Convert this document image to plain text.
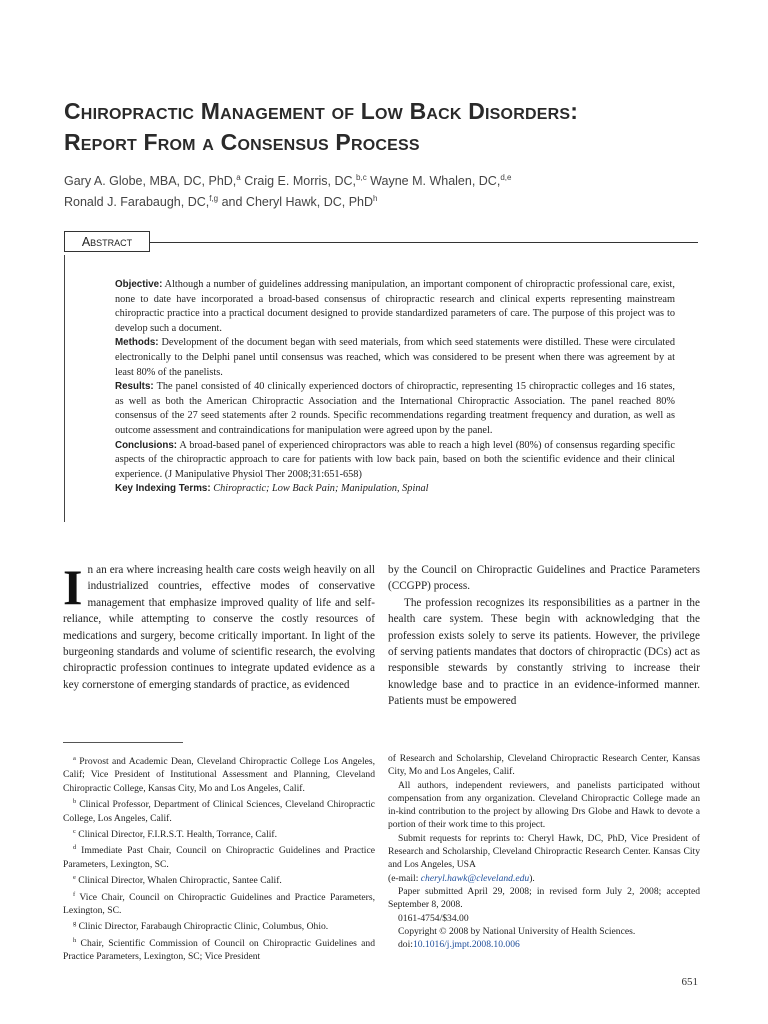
Chiropractic Management of Low Back Disorders:
Report From a Consensus Process
Gary A. Globe, MBA, DC, PhD,$^a$ Craig E. Morris, DC,$^{b,c}$ Wayne M. Whalen, DC,$^{d,e}$
Ronald J. Farabaugh, DC,$^{f,g}$ and Cheryl Hawk, DC, PhD$^h$
Abstract

Objective: Although a number of guidelines addressing manipulation, an important component of chiropractic professional care, exist, none to date have incorporated a broad-based consensus of chiropractic research and clinical experts representing mainstream chiropractic practice into a practical document designed to provide standardized parameters of care. The purpose of this project was to develop such a document.

Methods: Development of the document began with seed materials, from which seed statements were distilled. These were circulated electronically to the Delphi panel until consensus was reached, which was considered to be present when there was agreement by at least 80% of the panelists.

Results: The panel consisted of 40 clinically experienced doctors of chiropractic, representing 15 chiropractic colleges and 16 states, as well as both the American Chiropractic Association and the International Chiropractic Association. The panel reached 80% consensus of the 27 seed statements after 2 rounds. Specific recommendations regarding treatment frequency and duration, as well as outcome assessment and contraindications for manipulation were agreed upon by the panel.

Conclusions: A broad-based panel of experienced chiropractors was able to reach a high level (80%) of consensus regarding specific aspects of the chiropractic approach to care for patients with low back pain, based on both the scientific evidence and their clinical experience. (J Manipulative Physiol Ther 2008;31:651-658)

Key Indexing Terms: Chiropractic; Low Back Pain; Manipulation, Spinal

In an era where increasing health care costs weigh heavily on all industrialized countries, effective modes of conservative management that emphasize improved quality of life and self-reliance, while attempting to conserve the costly resources of medications and surgery, become critically important. In light of the burgeoning standards and volume of scientific research, the evolving chiropractic profession continues to integrate updated evidence as a key cornerstone of emerging standards of practice, as evidenced

by the Council on Chiropractic Guidelines and Practice Parameters (CCGPP) process.

The profession recognizes its responsibilities as a partner in the health care system. These begin with acknowledging that the profession exists solely to serve its patients. However, the privilege of serving patients mandates that doctors of chiropractic (DCs) act as responsible stewards by constantly striving to increase their knowledge base and to practice in an evidence-informed manner. Patients must be empowered

$^a$ Provost and Academic Dean, Cleveland Chiropractic College Los Angeles, Calif; Vice President of Institutional Assessment and Planning, Cleveland Chiropractic College, Kansas City, Mo and Los Angeles, Calif.

$^b$ Clinical Professor, Department of Clinical Sciences, Cleveland Chiropractic College, Los Angeles, Calif.

$^c$ Clinical Director, F.I.R.S.T. Health, Torrance, Calif.

$^d$ Immediate Past Chair, Council on Chiropractic Guidelines and Practice Parameters, Lexington, SC.

$^e$ Clinical Director, Whalen Chiropractic, Santee Calif.

$^f$ Vice Chair, Council on Chiropractic Guidelines and Practice Parameters, Lexington, SC.

$^g$ Clinic Director, Farabaugh Chiropractic Clinic, Columbus, Ohio.

$^h$ Chair, Scientific Commission of Council on Chiropractic Guidelines and Practice Parameters, Lexington, SC; Vice President

of Research and Scholarship, Cleveland Chiropractic Research Center, Kansas City, Mo and Los Angeles, Calif.

All authors, independent reviewers, and panelists participated without compensation from any organization. Cleveland Chiropractic College made an in-kind contribution to the project by allowing Drs Globe and Hawk to devote a portion of their work time to this project.

Submit requests for reprints to: Cheryl Hawk, DC, PhD, Vice President of Research and Scholarship, Cleveland Chiropractic Research Center. Kansas City and Los Angeles, USA

(e-mail: cheryl.hawk@cleveland.edu).

Paper submitted April 29, 2008; in revised form July 2, 2008; accepted September 8, 2008.

0161-4754/$34.00

Copyright © 2008 by National University of Health Sciences.

doi:10.1016/j.jmpt.2008.10.006

651
